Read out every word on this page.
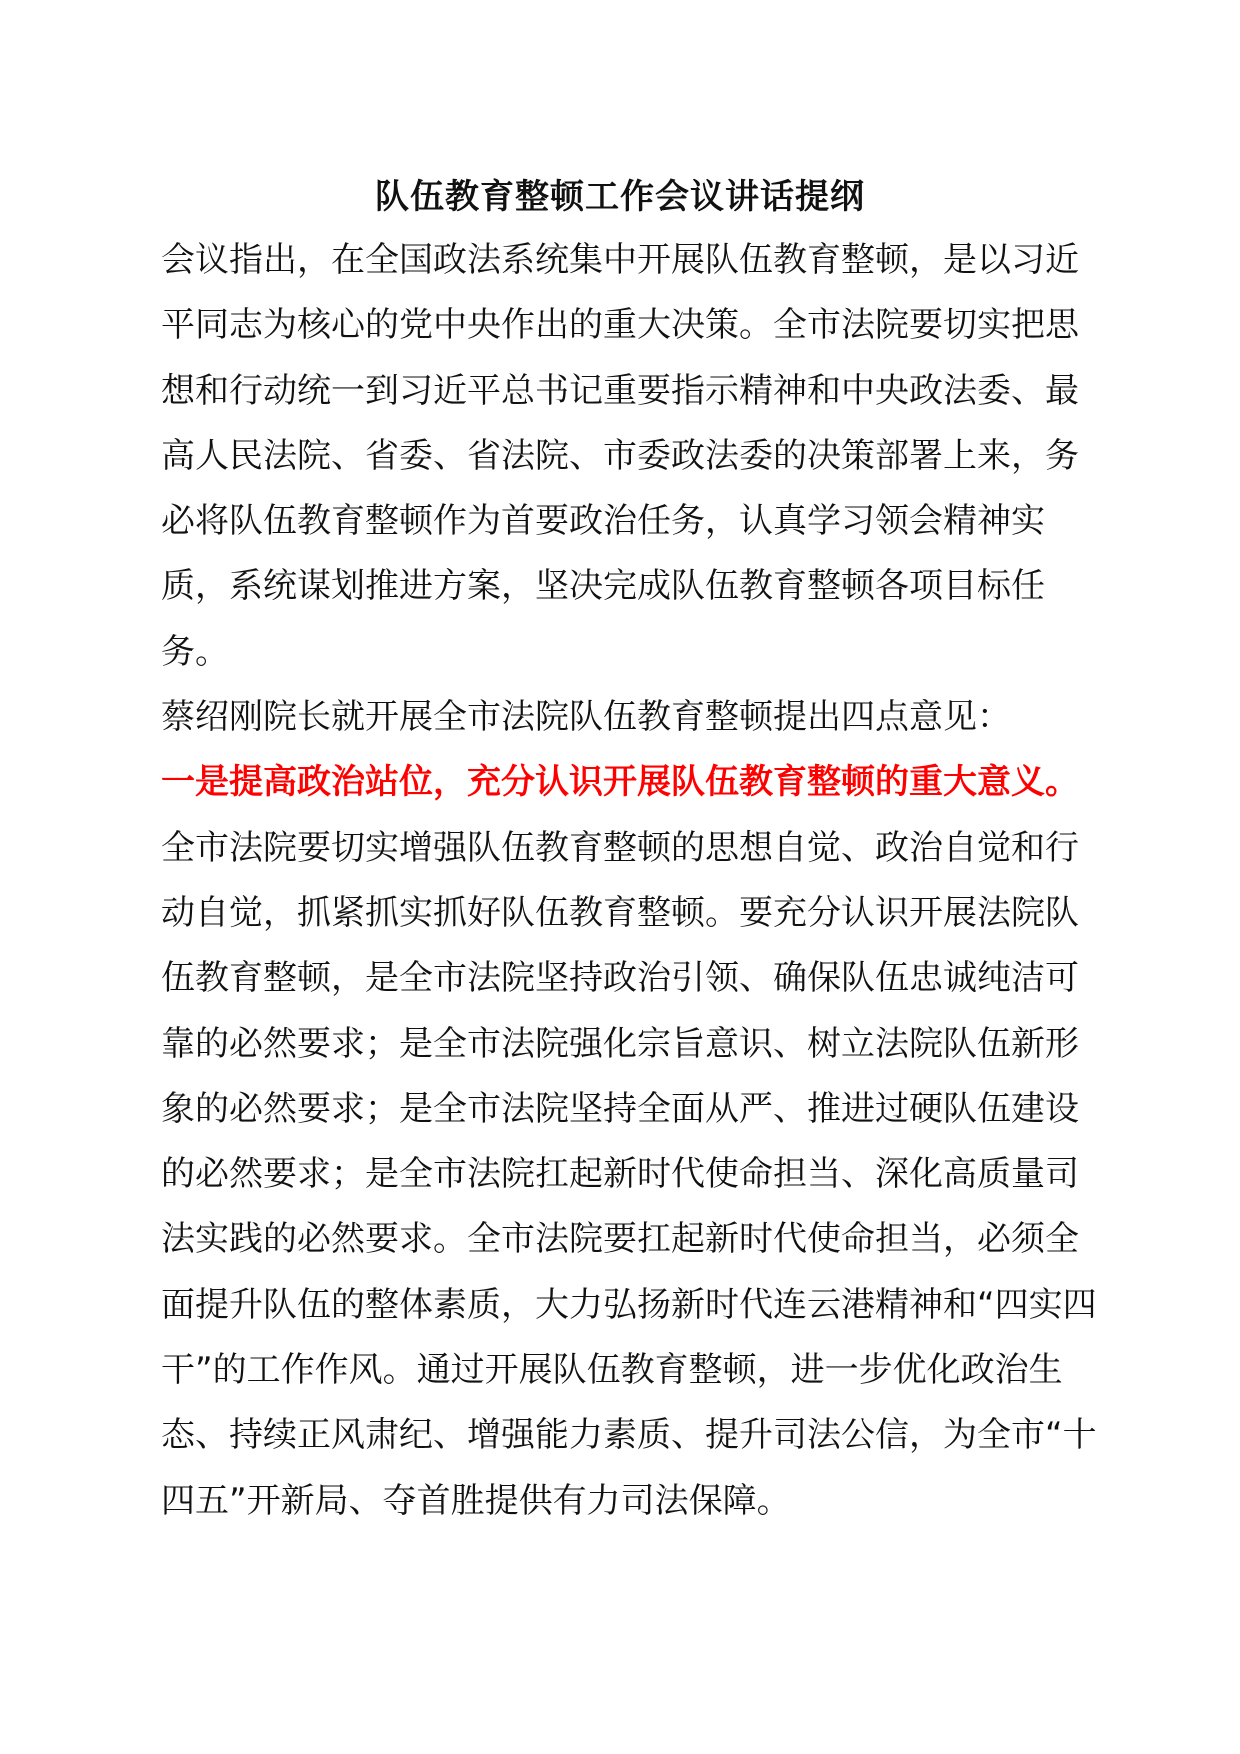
队伍教育整顿工作会议讲话提纲

会议指出，在全国政法系统集中开展队伍教育整顿，是以习近平同志为核心的党中央作出的重大决策。全市法院要切实把思想和行动统一到习近平总书记重要指示精神和中央政法委、最高人民法院、省委、省法院、市委政法委的决策部署上来，务必将队伍教育整顿作为首要政治任务，认真学习领会精神实质，系统谋划推进方案，坚决完成队伍教育整顿各项目标任务。

蔡绍刚院长就开展全市法院队伍教育整顿提出四点意见：

一是提高政治站位，充分认识开展队伍教育整顿的重大意义。

全市法院要切实增强队伍教育整顿的思想自觉、政治自觉和行动自觉，抓紧抓实抓好队伍教育整顿。要充分认识开展法院队伍教育整顿，是全市法院坚持政治引领、确保队伍忠诚纯洁可靠的必然要求；是全市法院强化宗旨意识、树立法院队伍新形象的必然要求；是全市法院坚持全面从严、推进过硬队伍建设的必然要求；是全市法院扛起新时代使命担当、深化高质量司法实践的必然要求。全市法院要扛起新时代使命担当，必须全面提升队伍的整体素质，大力弘扬新时代连云港精神和“四实四干”的工作作风。通过开展队伍教育整顿，进一步优化政治生态、持续正风肃纪、增强能力素质、提升司法公信，为全市“十四五”开新局、夺首胜提供有力司法保障。
